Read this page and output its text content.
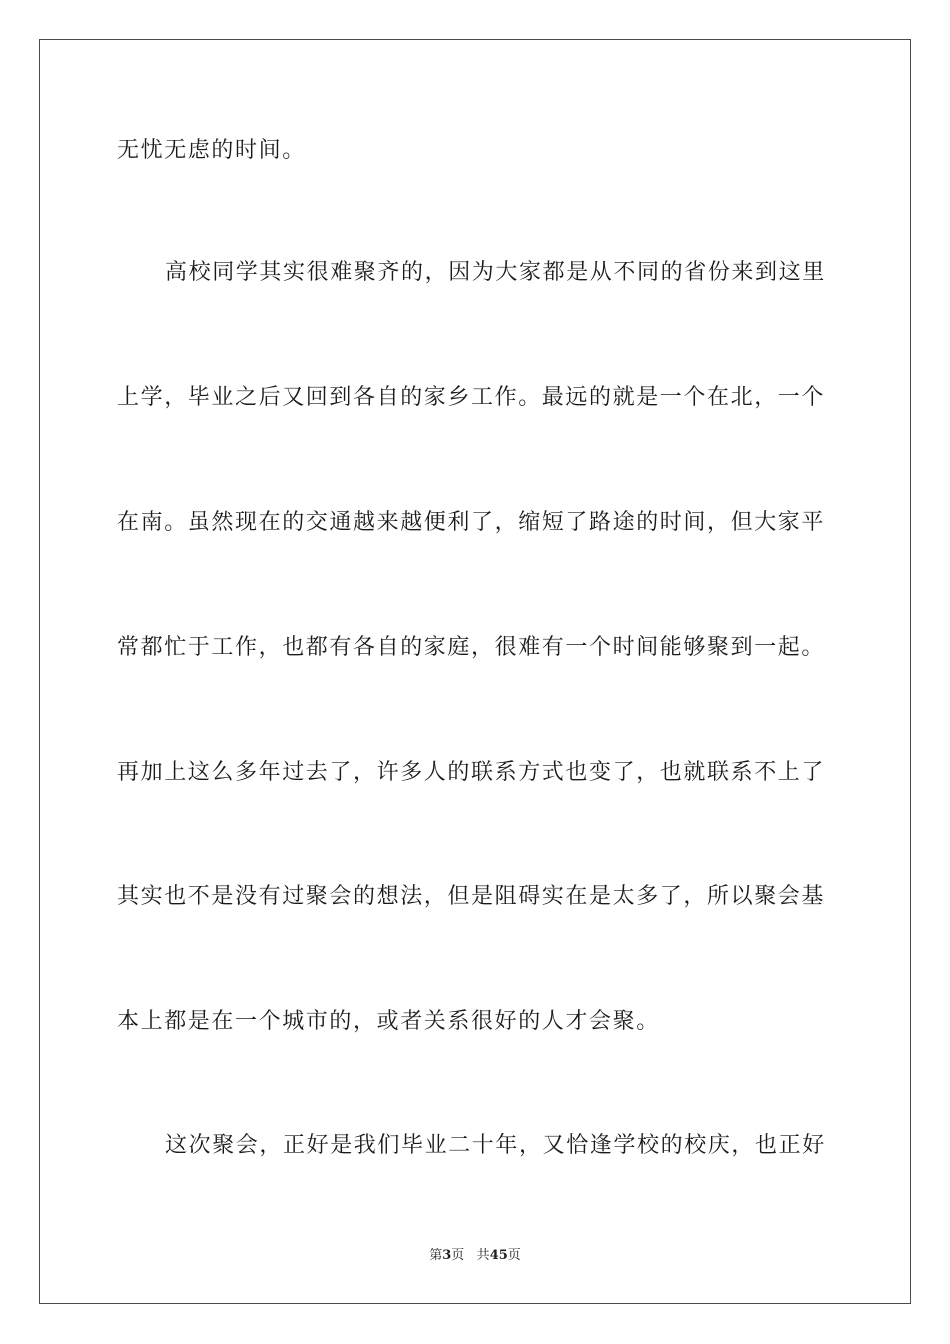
无忧无虑的时间。
高校同学其实很难聚齐的，因为大家都是从不同的省份来到这里
上学，毕业之后又回到各自的家乡工作。最远的就是一个在北，一个
在南。虽然现在的交通越来越便利了，缩短了路途的时间，但大家平
常都忙于工作，也都有各自的家庭，很难有一个时间能够聚到一起。
再加上这么多年过去了，许多人的联系方式也变了，也就联系不上了
其实也不是没有过聚会的想法，但是阻碍实在是太多了，所以聚会基
本上都是在一个城市的，或者关系很好的人才会聚。
这次聚会，正好是我们毕业二十年，又恰逢学校的校庆，也正好
第3页 共45页
